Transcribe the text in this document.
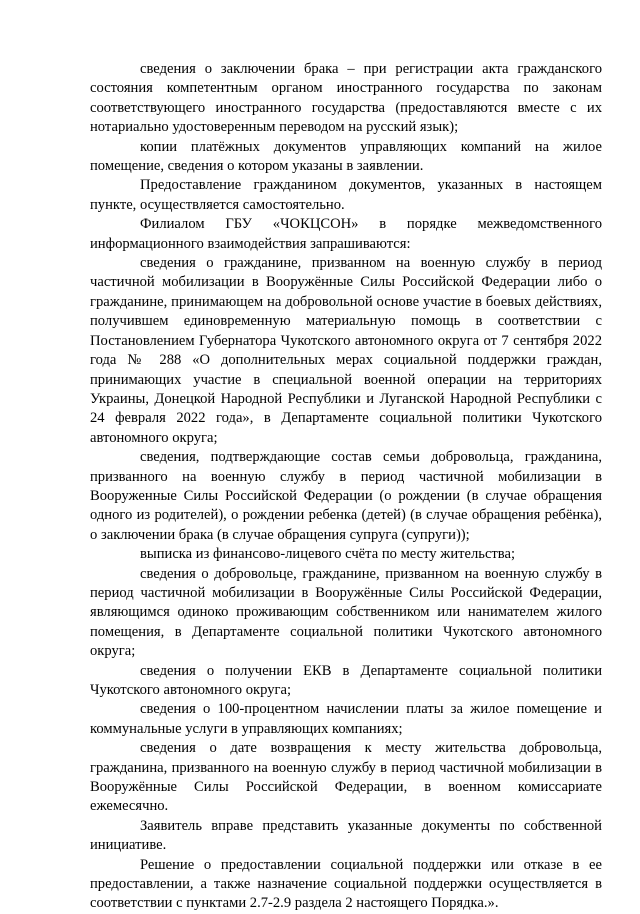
сведения о заключении брака – при регистрации акта гражданского состояния компетентным органом иностранного государства по законам соответствующего иностранного государства (предоставляются вместе с их нотариально удостоверенным переводом на русский язык);

копии платёжных документов управляющих компаний на жилое помещение, сведения о котором указаны в заявлении.

Предоставление гражданином документов, указанных в настоящем пункте, осуществляется самостоятельно.

Филиалом ГБУ «ЧОКЦСОН» в порядке межведомственного информационного взаимодействия запрашиваются:

сведения о гражданине, призванном на военную службу в период частичной мобилизации в Вооружённые Силы Российской Федерации либо о гражданине, принимающем на добровольной основе участие в боевых действиях, получившем единовременную материальную помощь в соответствии с Постановлением Губернатора Чукотского автономного округа от 7 сентября 2022 года № 288 «О дополнительных мерах социальной поддержки граждан, принимающих участие в специальной военной операции на территориях Украины, Донецкой Народной Республики и Луганской Народной Республики с 24 февраля 2022 года», в Департаменте социальной политики Чукотского автономного округа;

сведения, подтверждающие состав семьи добровольца, гражданина, призванного на военную службу в период частичной мобилизации в Вооруженные Силы Российской Федерации (о рождении (в случае обращения одного из родителей), о рождении ребенка (детей) (в случае обращения ребёнка), о заключении брака (в случае обращения супруга (супруги));

выписка из финансово-лицевого счёта по месту жительства;

сведения о добровольце, гражданине, призванном на военную службу в период частичной мобилизации в Вооружённые Силы Российской Федерации, являющимся одиноко проживающим собственником или нанимателем жилого помещения, в Департаменте социальной политики Чукотского автономного округа;

сведения о получении ЕКВ в Департаменте социальной политики Чукотского автономного округа;

сведения о 100-процентном начислении платы за жилое помещение и коммунальные услуги в управляющих компаниях;

сведения о дате возвращения к месту жительства добровольца, гражданина, призванного на военную службу в период частичной мобилизации в Вооружённые Силы Российской Федерации, в военном комиссариате ежемесячно.

Заявитель вправе представить указанные документы по собственной инициативе.

Решение о предоставлении социальной поддержки или отказе в ее предоставлении, а также назначение социальной поддержки осуществляется в соответствии с пунктами 2.7-2.9 раздела 2 настоящего Порядка.».
